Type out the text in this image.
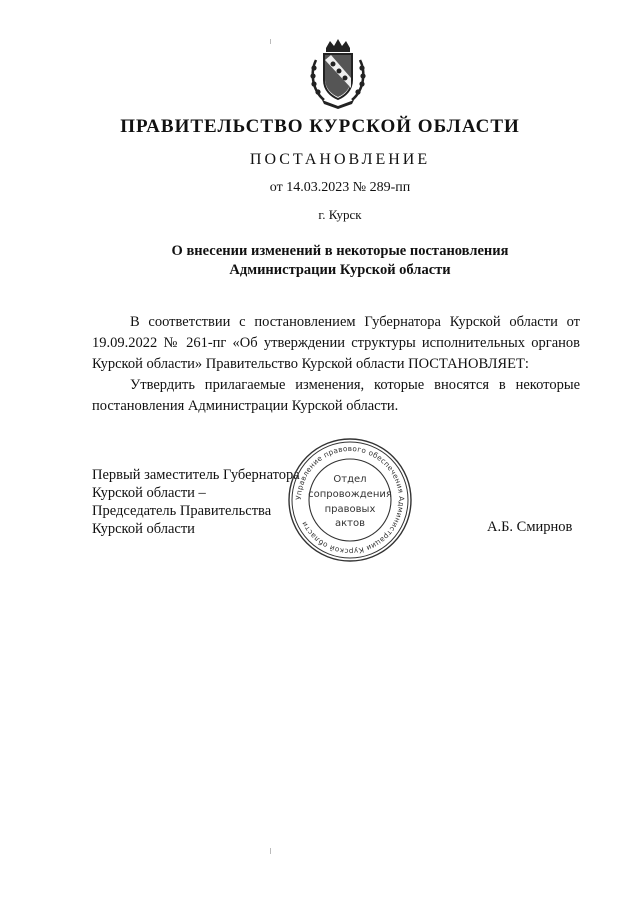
ПРАВИТЕЛЬСТВО КУРСКОЙ ОБЛАСТИ
ПОСТАНОВЛЕНИЕ
от 14.03.2023 № 289-пп
г. Курск
О внесении изменений в некоторые постановления
Администрации Курской области

В соответствии с постановлением Губернатора Курской области от 19.09.2022 № 261-пг «Об утверждении структуры исполнительных органов Курской области» Правительство Курской области ПОСТАНОВЛЯЕТ:

Утвердить прилагаемые изменения, которые вносятся в некоторые постановления Администрации Курской области.

Первый заместитель Губернатора
Курской области –
Председатель Правительства
Курской области
Управление правового обеспечения Администрации Курской области
Отдел
сопровождения
правовых
актов	А.Б. Смирнов
